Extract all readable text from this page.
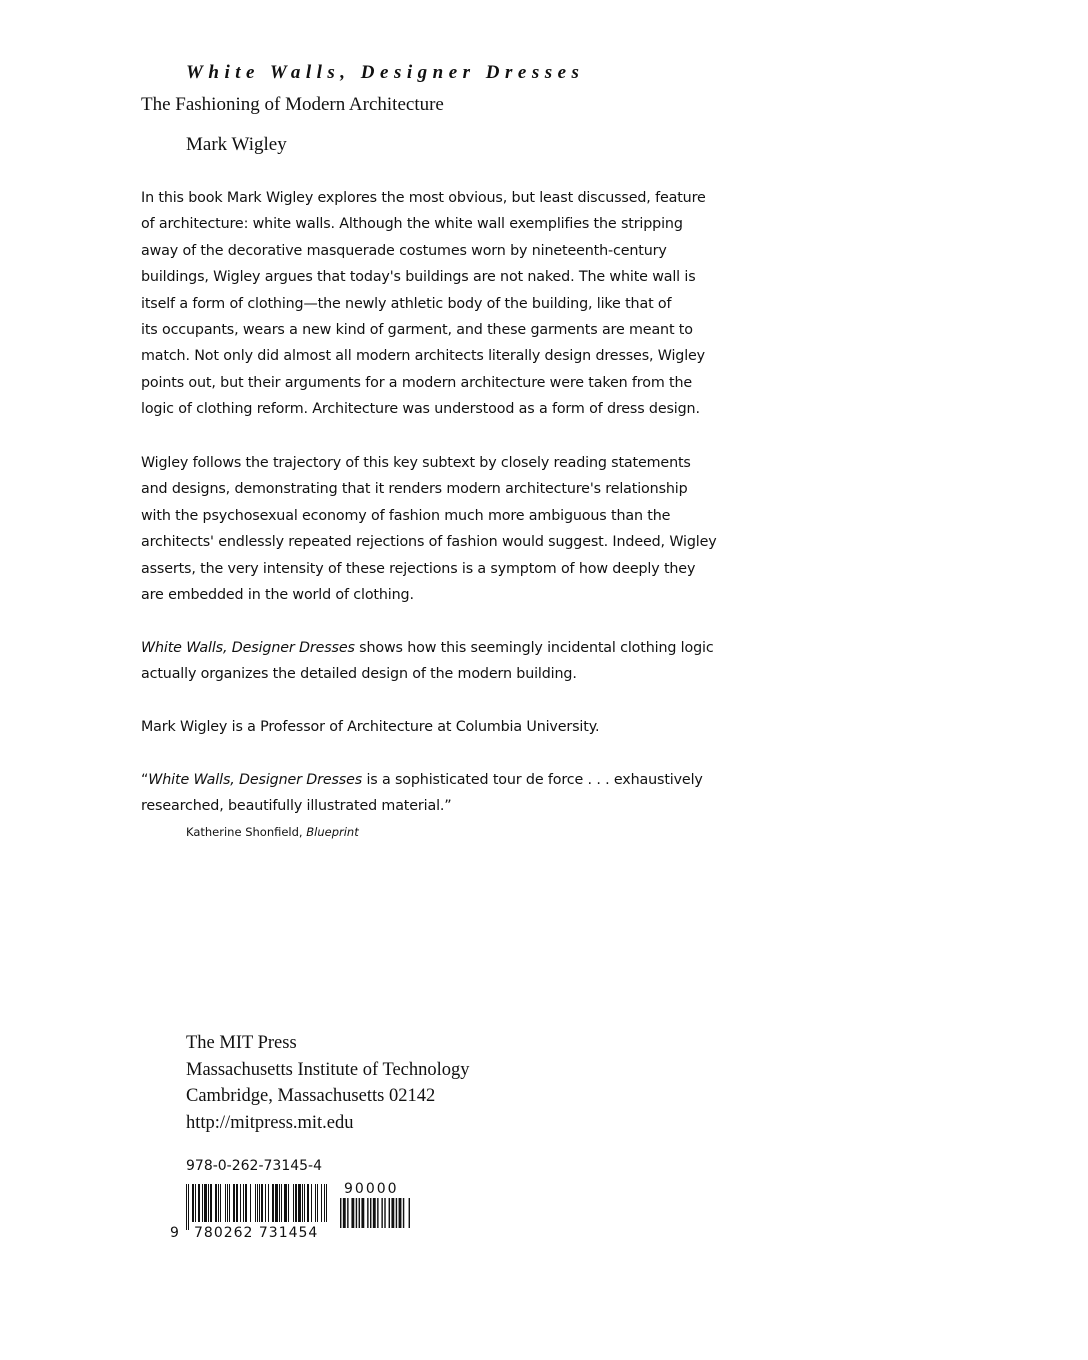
White Walls, Designer Dresses
The Fashioning of Modern Architecture
Mark Wigley

In this book Mark Wigley explores the most obvious, but least discussed, feature
of architecture: white walls. Although the white wall exemplifies the stripping
away of the decorative masquerade costumes worn by nineteenth-century
buildings, Wigley argues that today's buildings are not naked. The white wall is
itself a form of clothing—the newly athletic body of the building, like that of
its occupants, wears a new kind of garment, and these garments are meant to
match. Not only did almost all modern architects literally design dresses, Wigley
points out, but their arguments for a modern architecture were taken from the
logic of clothing reform. Architecture was understood as a form of dress design.

Wigley follows the trajectory of this key subtext by closely reading statements
and designs, demonstrating that it renders modern architecture's relationship
with the psychosexual economy of fashion much more ambiguous than the
architects' endlessly repeated rejections of fashion would suggest. Indeed, Wigley
asserts, the very intensity of these rejections is a symptom of how deeply they
are embedded in the world of clothing.

White Walls, Designer Dresses shows how this seemingly incidental clothing logic
actually organizes the detailed design of the modern building.

Mark Wigley is a Professor of Architecture at Columbia University.

“White Walls, Designer Dresses is a sophisticated tour de force . . . exhaustively
researched, beautifully illustrated material.”

Katherine Shonfield, Blueprint
The MIT Press
Massachusetts Institute of Technology
Cambridge, Massachusetts 02142
http://mitpress.mit.edu
978-0-262-73145-4
90000
9 780262 731454
